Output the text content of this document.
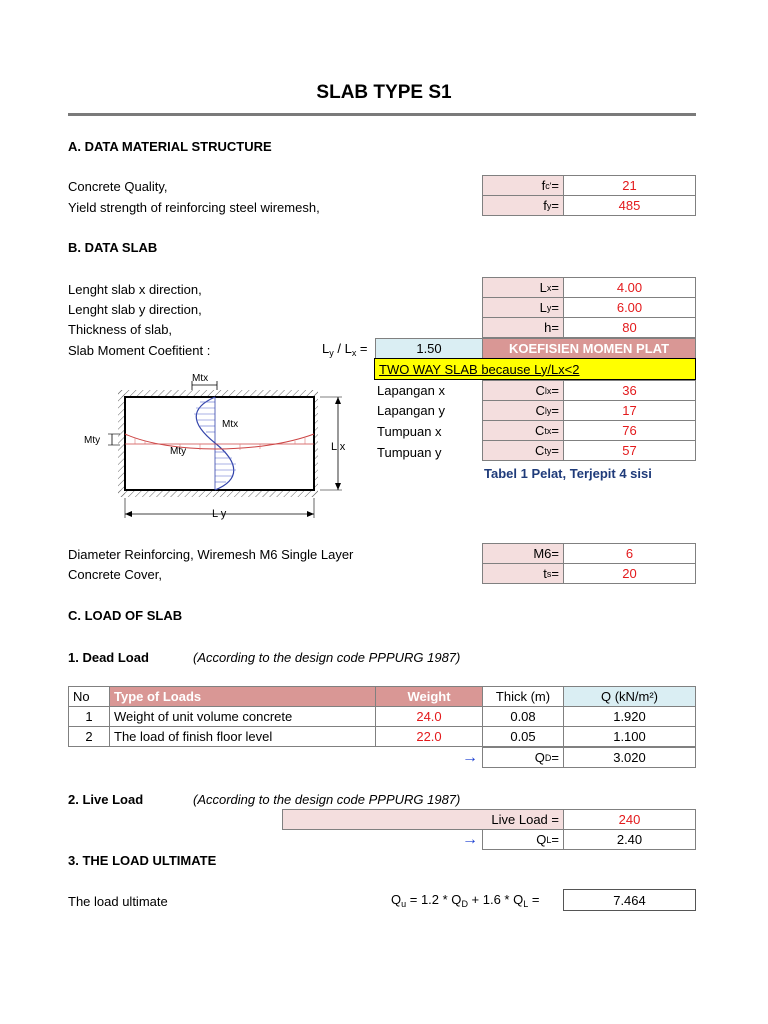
SLAB TYPE S1
A. DATA MATERIAL STRUCTURE
Concrete Quality,	f c ' =	21
Yield strength of reinforcing steel wiremesh,	f y =	485
B. DATA SLAB
Lenght slab x direction,	L x =	4.00
Lenght slab y direction,	L y =	6.00
Thickness of slab,	h =	80
Slab Moment Coefitient :	$L_y / L_x$ =	1.50	KOEFISIEN MOMEN PLAT
TWO WAY SLAB because Ly/Lx<2
Lapangan x	C lx =	36
Lapangan y	C ly =	17
Tumpuan x	C tx =	76
Tumpuan y	C ty =	57
Tabel 1 Pelat, Terjepit 4 sisi
Mtx
Mtx
Mty
Mty	L x
L y
Diameter Reinforcing, Wiremesh M6 Single Layer	M6 =	6
Concrete Cover,	t s =	20
C. LOAD OF SLAB
1. Dead Load	(According to the design code PPPURG 1987)
No	Type of Loads	Weight	Thick (m)	Q (kN/m²)
1	Weight of unit volume concrete	24.0	0.08	1.920
2	The load of finish floor level	22.0	0.05	1.100
→	Q D =	3.020
2. Live Load	(According to the design code PPPURG 1987)
Live Load =	240
→	Q L =	2.40
3. THE LOAD ULTIMATE
The load ultimate	$Q_u = 1.2 * Q_D + 1.6 * Q_L$ =	7.464
